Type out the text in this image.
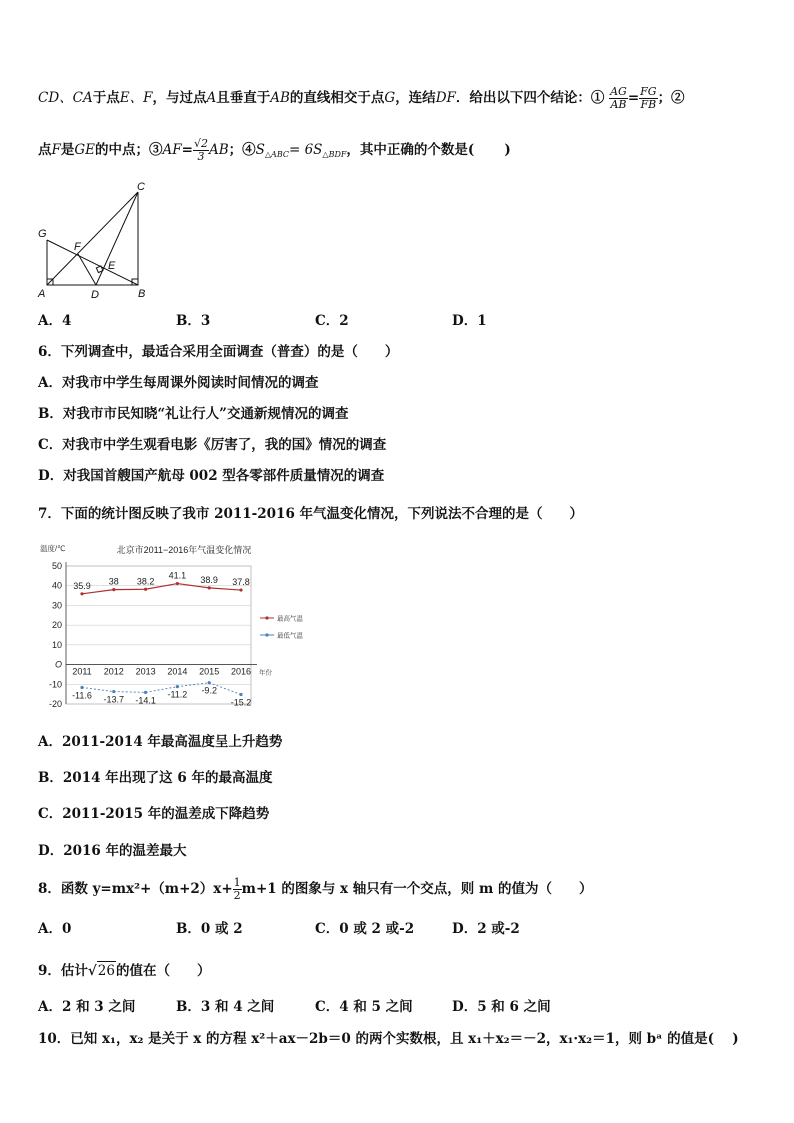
CD、CA于点E、F，与过点A且垂直于AB的直线相交于点G，连结DF．给出以下四个结论：① $\frac{AG}{AB} = \frac{FG}{FB}$ ；②
点F是GE的中点；③AF= $\frac{√2}{3}$ AB；$④S_{\triangle ABC}= 6S_{\triangle BDF}$，其中正确的个数是( )
C
G
F
E
A	D	B
A．4	B．3	C．2	D．1
6．下列调查中，最适合采用全面调查（普查）的是（　　）
A．对我市中学生每周课外阅读时间情况的调查
B．对我市市民知晓“礼让行人”交通新规情况的调查
C．对我市中学生观看电影《厉害了，我的国》情况的调查
D．对我国首艘国产航母 002 型各零部件质量情况的调查
7．下面的统计图反映了我市 2011-2016 年气温变化情况，下列说法不合理的是（　　）
温度/℃	北京市2011−2016年气温变化情况
50
40
30
20
10
O
-10
-20
2011 2012 2013 2014 2015 2016 年份
35.9 38 38.2
41.1 38.9 37.8
-11.6 -13.7 -14.1
-11.2 -9.2
-15.2
最高气温
最低气温
A．2011-2014 年最高温度呈上升趋势
B．2014 年出现了这 6 年的最高温度
C．2011-2015 年的温差成下降趋势
D．2016 年的温差最大
8．函数 $y=mx^2+(m+2)x+ \frac{1}{2} m+1$ 的图象与 x 轴只有一个交点，则 m 的值为（　　）
A．0	B．0 或 2	C．0 或 2 或-2	D．2 或-2
9．估计√26的值在（　　）
A．2 和 3 之间	B．3 和 4 之间	C．4 和 5 之间	D．5 和 6 之间
10．已知 x₁，x₂ 是关于 x 的方程 x²＋ax－2b＝0 的两个实数根，且 x₁＋x₂＝－2，x₁·x₂＝1，则 bᵃ 的值是(　 )
